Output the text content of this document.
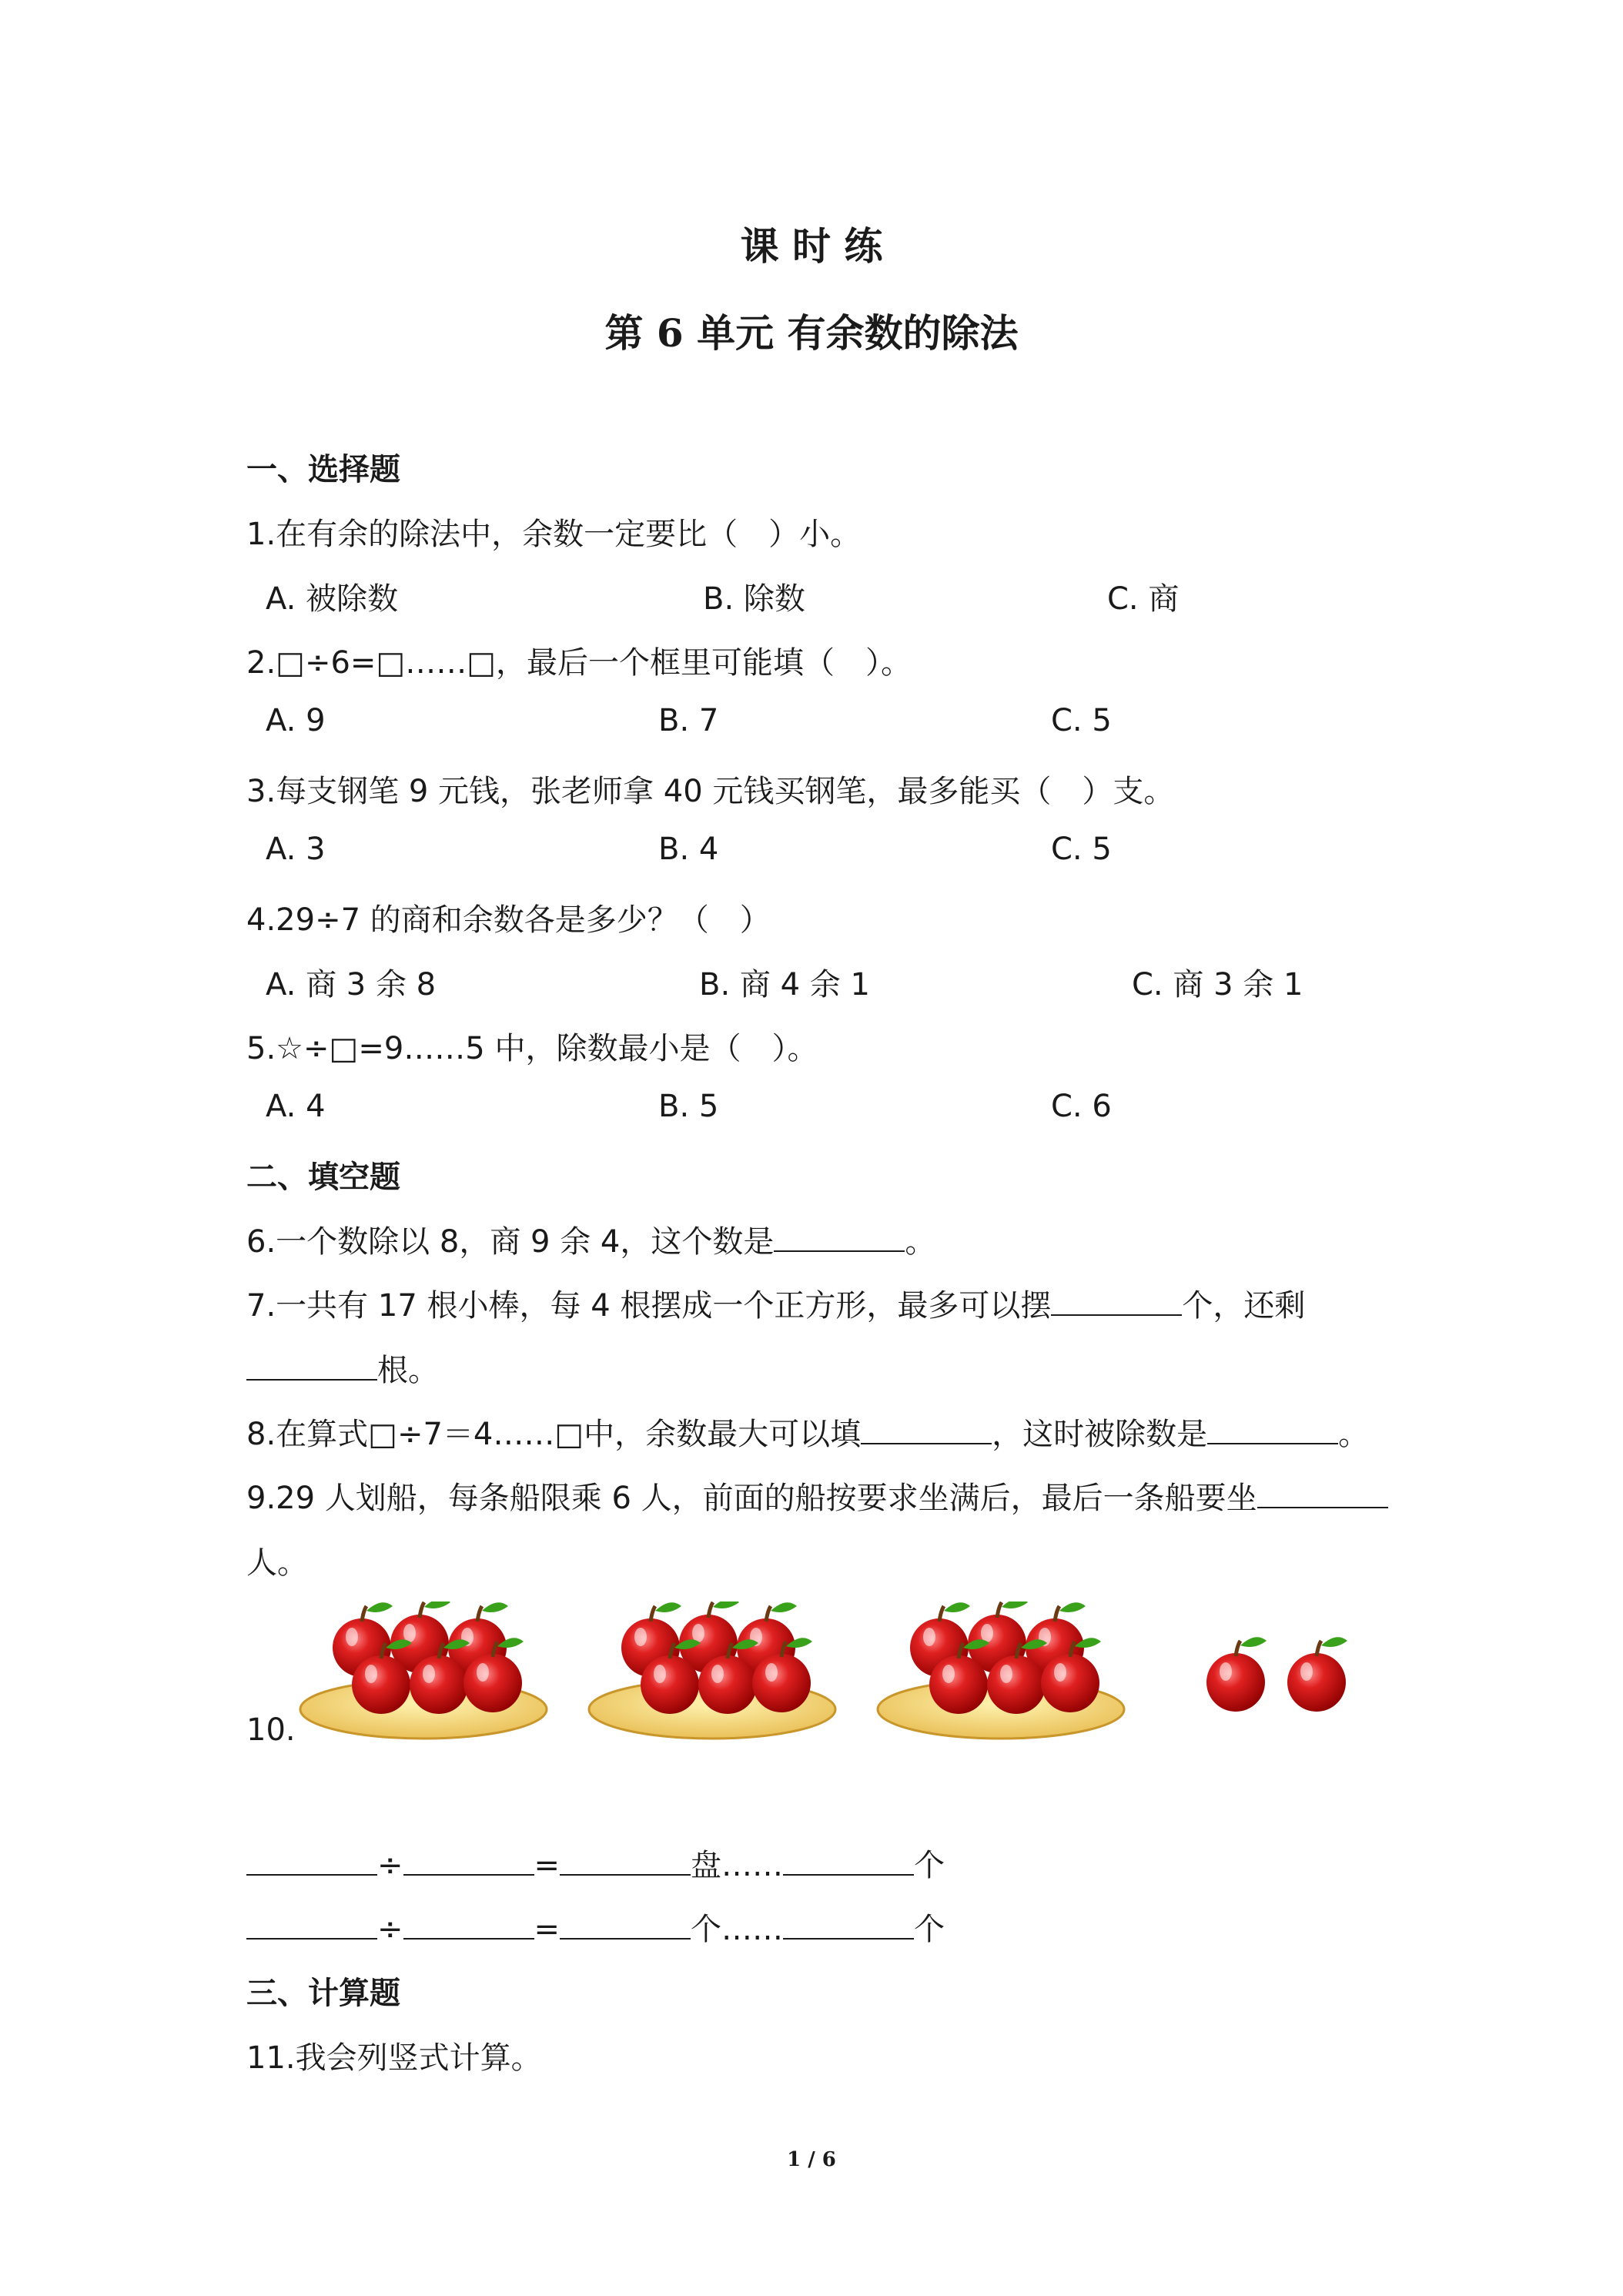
课 时 练
第 6 单元 有余数的除法
一、选择题
1.在有余的除法中，余数一定要比（　）小。
A. 被除数	B. 除数	C. 商
2.□÷6=□……□，最后一个框里可能填（　）。
A. 9	B. 7	C. 5
3.每支钢笔 9 元钱，张老师拿 40 元钱买钢笔，最多能买（　）支。
A. 3	B. 4	C. 5
4.29÷7 的商和余数各是多少？（　）
A. 商 3 余 8	B. 商 4 余 1	C. 商 3 余 1
5.☆÷□=9……5 中，除数最小是（　）。
A. 4	B. 5	C. 6
二、填空题
6.一个数除以 8，商 9 余 4，这个数是	。
7.一共有 17 根小棒，每 4 根摆成一个正方形，最多可以摆	个，还剩
根。
8.在算式□÷7＝4……□中，余数最大可以填	，这时被除数是	。
9.29 人划船，每条船限乘 6 人，前面的船按要求坐满后，最后一条船要坐
人。
10.
÷	=	盘……	个
÷	=	个……	个
三、计算题
11.我会列竖式计算。
1 / 6
